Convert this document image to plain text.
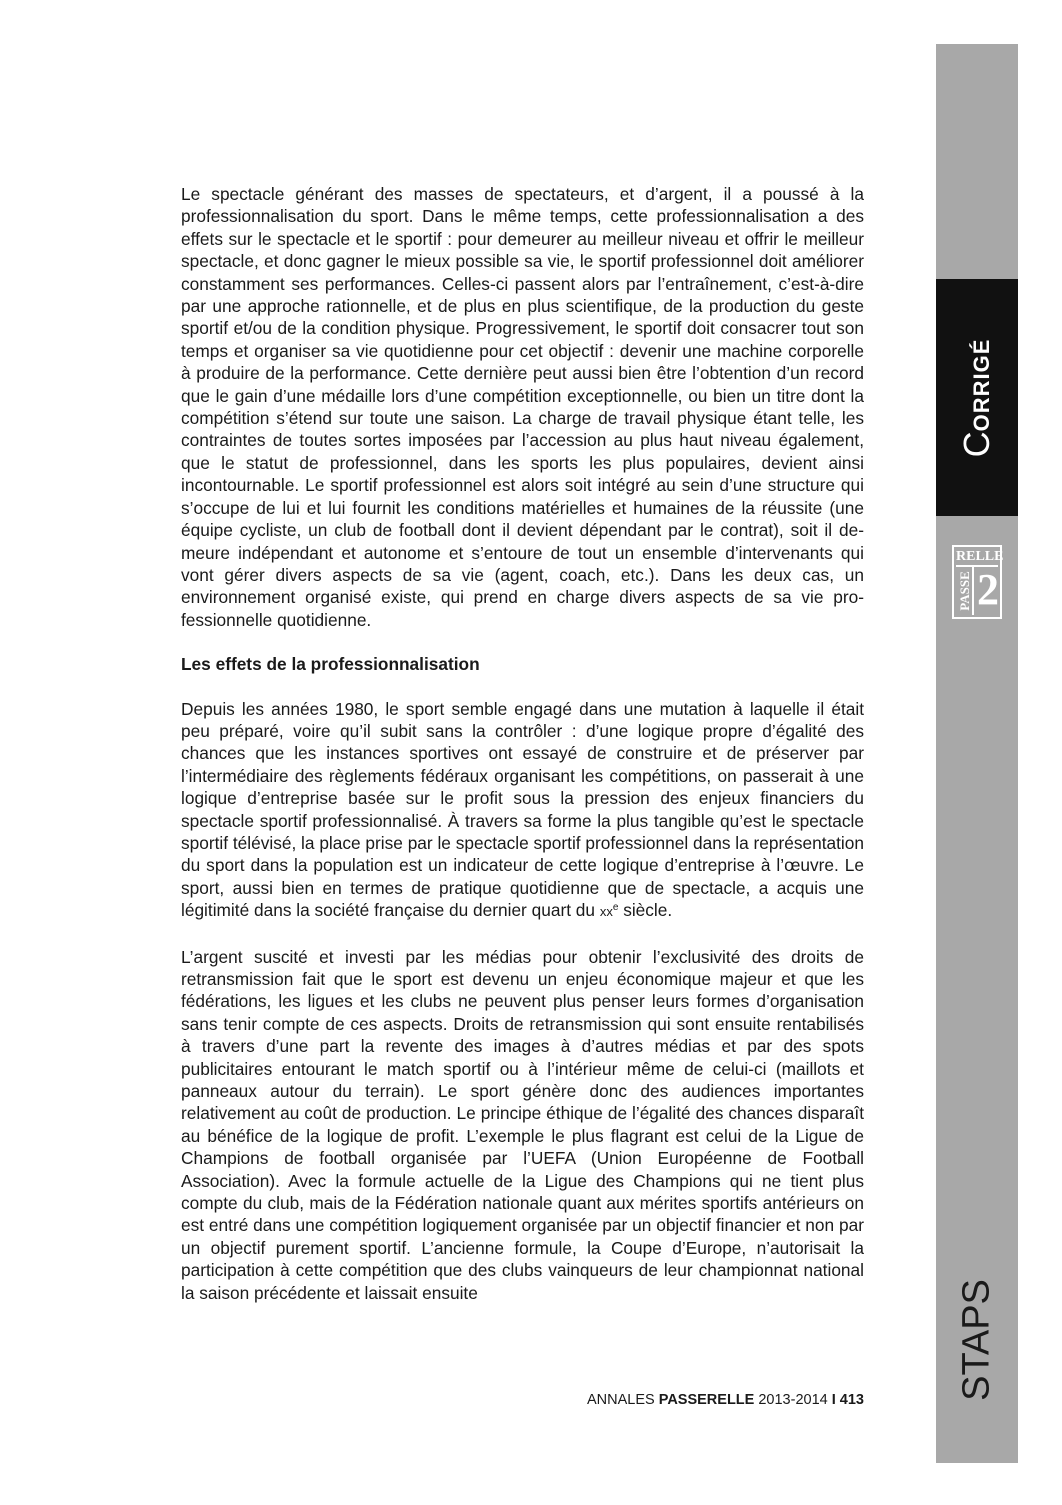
Le spectacle générant des masses de spectateurs, et d’argent, il a poussé à la professionnalisation du sport. Dans le même temps, cette professionnalisation a des effets sur le spectacle et le sportif : pour demeurer au meilleur niveau et offrir le meilleur spectacle, et donc gagner le mieux possible sa vie, le sportif professionnel doit améliorer constamment ses performances. Celles-ci passent alors par l’entraînement, c’est-à-dire par une approche rationnelle, et de plus en plus scientifique, de la production du geste sportif et/ou de la condition physique. Progressivement, le sportif doit consacrer tout son temps et organiser sa vie quotidienne pour cet objectif : devenir une machine corporelle à produire de la performance. Cette dernière peut aussi bien être l’obtention d’un record que le gain d’une médaille lors d’une compétition exceptionnelle, ou bien un titre dont la compétition s’étend sur toute une saison. La charge de travail physique étant telle, les contraintes de toutes sortes imposées par l’accession au plus haut niveau également, que le statut de professionnel, dans les sports les plus populaires, devient ainsi incontournable. Le sportif professionnel est alors soit intégré au sein d’une structure qui s’occupe de lui et lui fournit les conditions matérielles et humaines de la réussite (une équipe cycliste, un club de football dont il devient dépendant par le contrat), soit il demeure indépendant et autonome et s’entoure de tout un ensemble d’intervenants qui vont gérer divers aspects de sa vie (agent, coach, etc.). Dans les deux cas, un environnement organisé existe, qui prend en charge divers aspects de sa vie professionnelle quotidienne.

Les effets de la professionnalisation

Depuis les années 1980, le sport semble engagé dans une mutation à laquelle il était peu préparé, voire qu’il subit sans la contrôler : d’une logique propre d’égalité des chances que les instances sportives ont essayé de construire et de préserver par l’intermédiaire des règlements fédéraux organisant les compétitions, on passerait à une logique d’entreprise basée sur le profit sous la pression des enjeux financiers du spectacle sportif professionnalisé. À travers sa forme la plus tangible qu’est le spectacle sportif télévisé, la place prise par le spectacle sportif professionnel dans la représentation du sport dans la population est un indicateur de cette logique d’entreprise à l’œuvre. Le sport, aussi bien en termes de pratique quotidienne que de spectacle, a acquis une légitimité dans la société française du dernier quart du $xx^e$ siècle.

L’argent suscité et investi par les médias pour obtenir l’exclusivité des droits de retransmission fait que le sport est devenu un enjeu économique majeur et que les fédérations, les ligues et les clubs ne peuvent plus penser leurs formes d’organisation sans tenir compte de ces aspects. Droits de retransmission qui sont ensuite rentabilisés à travers d’une part la revente des images à d’autres médias et par des spots publicitaires entourant le match sportif ou à l’intérieur même de celui-ci (maillots et panneaux autour du terrain). Le sport génère donc des audiences importantes relativement au coût de production. Le principe éthique de l’égalité des chances disparaît au bénéfice de la logique de profit. L’exemple le plus flagrant est celui de la Ligue de Champions de football organisée par l’UEFA (Union Européenne de Football Association). Avec la formule actuelle de la Ligue des Champions qui ne tient plus compte du club, mais de la Fédération nationale quant aux mérites sportifs antérieurs on est entré dans une compétition logiquement organisée par un objectif financier et non par un objectif purement sportif. L’ancienne formule, la Coupe d’Europe, n’autorisait la participation à cette compétition que des clubs vainqueurs de leur championnat national la saison précédente et laissait ensuite

ANNALES PASSERELLE 2013-2014 I 413
CORRIGÉ
RELLE
PASSE 2
STAPS
